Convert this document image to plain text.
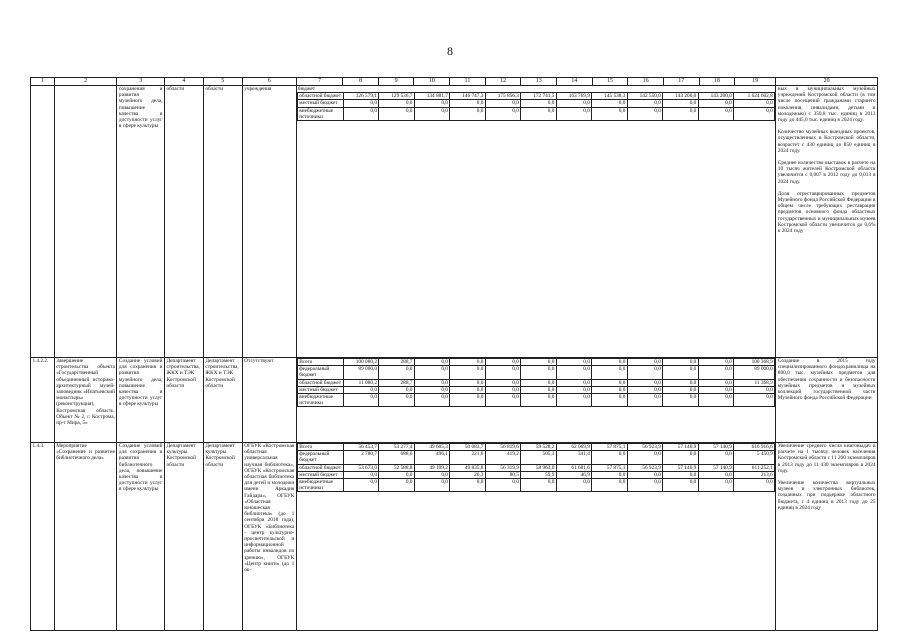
8
1	2	3	4	5	6	7	8	9	10	11	12	13	14	15	16	17	18	19	20
		сохранения и развития музейного дела, повышение качества и доступности услуг в сфере культуры	области	области	учреждения	бюджет
областной бюджет	126 579,1	129 536,7	134 881,7	146 747,3	175 856,3	172 741,5	163 769,9	145 538,3	142 550,0	143 200,0	143 200,0	1 624 602,8
местный бюджет	0,0	0,0	0,0	0,0	0,0	0,0	0,0	0,0	0,0	0,0	0,0	0,0
внебюджетные источники	0,0	0,0	0,0	0,0	0,0	0,0	0,0	0,0	0,0	0,0	0,0	0,0

ных в муниципальных музейных учреждений Костромской области (в том числе посещений гражданами старшего поколения, инвалидами, детьми и молодежью) с 350,8 тыс. единиц в 2013 году до 445,0 тыс. единиц в 2024 году.
Количество музейных выездных проектов, осуществленных в Костромской области, возрастет с 430 единиц до 850 единиц в 2024 году.
Среднее количество выставок в расчете на 10 тысяч жителей Костромской области увеличится с 0,007 в 2012 году до 0,013 в 2024 году.
Доля отреставрированных предметов Музейного фонда Российской Федерации в общем числе требующих реставрации предметов основного фонда областных государственных и муниципальных музеев Костромской области увеличится до 0,6% к 2024 году

1.4.2.2.	Завершение строительства объекта «Государственный объединенный историко-архитектурный музей-заповедник «Ипатьевский монастырь» (реконструкция), Костромская область. Объект № 2, г. Кострома, пр-т Мира, 5»	Создание условий для сохранения и развития музейного дела, повышение качества и доступности услуг в сфере культуры	Департамент строительства, ЖКХ и ТЭК Костромской области	Департамент строительства, ЖКХ и ТЭК Костромской области	Отсутствуют		Всего	100 080,2	288,7	0,0	0,0	0,0	0,0	0,0	0,0	0,0	0,0	0,0	100 368,9
федеральный бюджет	89 000,0	0,0	0,0	0,0	0,0	0,0	0,0	0,0	0,0	0,0	0,0	89 000,0
областной бюджет	11 080,2	288,7	0,0	0,0	0,0	0,0	0,0	0,0	0,0	0,0	0,0	11 368,9
местный бюджет	0,0	0,0	0,0	0,0	0,0	0,0	0,0	0,0	0,0	0,0	0,0	0,0
внебюджетные источники	0,0	0,0	0,0	0,0	0,0	0,0	0,0	0,0	0,0	0,0	0,0	0,0
	Создание в 2015 году специализированного фондохранилища на 800,0 тыс. музейных предметов для обеспечения сохранности и безопасности музейных предметов и музейных коллекций государственной части Музейного фонда Российской Федерации
1.4.3.	Мероприятие «Сохранение и развитие библиотечного дела»	Создание условий для сохранения и развития библиотечного дела, повышение качества и доступности услуг в сфере культуры	Департамент культуры Костромской области	Департамент культуры Костромской области	ОГБУК «Костромская областная универсальная научная библиотека», ОГБУК «Костромская областная библиотека для детей и молодежи имени Аркадия Гайдара», ОГБУК «Областная юношеская библиотека» (до 1 сентября 2018 года), ОГБУК «Библиотека - центр культурно-просветительской и информационной работы инвалидов по зрению», ОГБУК «Центр книги» (до 1 ок-	
Всего	56 453,7	53 277,4	49 605,3	50 083,7	56 819,6	59 528,2	62 069,9	57 875,1	56 923,9	57 140,9	57 140,9	616 916,6
федеральный бюджет	2 780,7	688,6	496,1	221,6	419,2	505,3	341,4	0,0	0,0	0,0	0,0	5 450,9
областной бюджет	53 673,0	52 588,8	49 109,2	49 835,8	56 319,9	58 963,0	61 681,6	57 875,1	56 923,9	57 140,9	57 140,9	611 252,1
местный бюджет	0,0	0,0	0,0	26,3	80,5	59,9	46,9	0,0	0,0	0,0	0,0	213,6
внебюджетные источники	0,0	0,0	0,0	0,0	0,0	0,0	0,0	0,0	0,0	0,0	0,0	0,0

Увеличение среднего числа книговыдач в расчете на 1 тысячу человек населения Костромской области с 11 200 экземпляров в 2013 году до 11 430 экземпляров в 2024 году.
Увеличение количества виртуальных музеев и электронных библиотек, созданных при поддержке областного бюджета, с 4 единиц в 2013 году до 25 единиц в 2024 году
